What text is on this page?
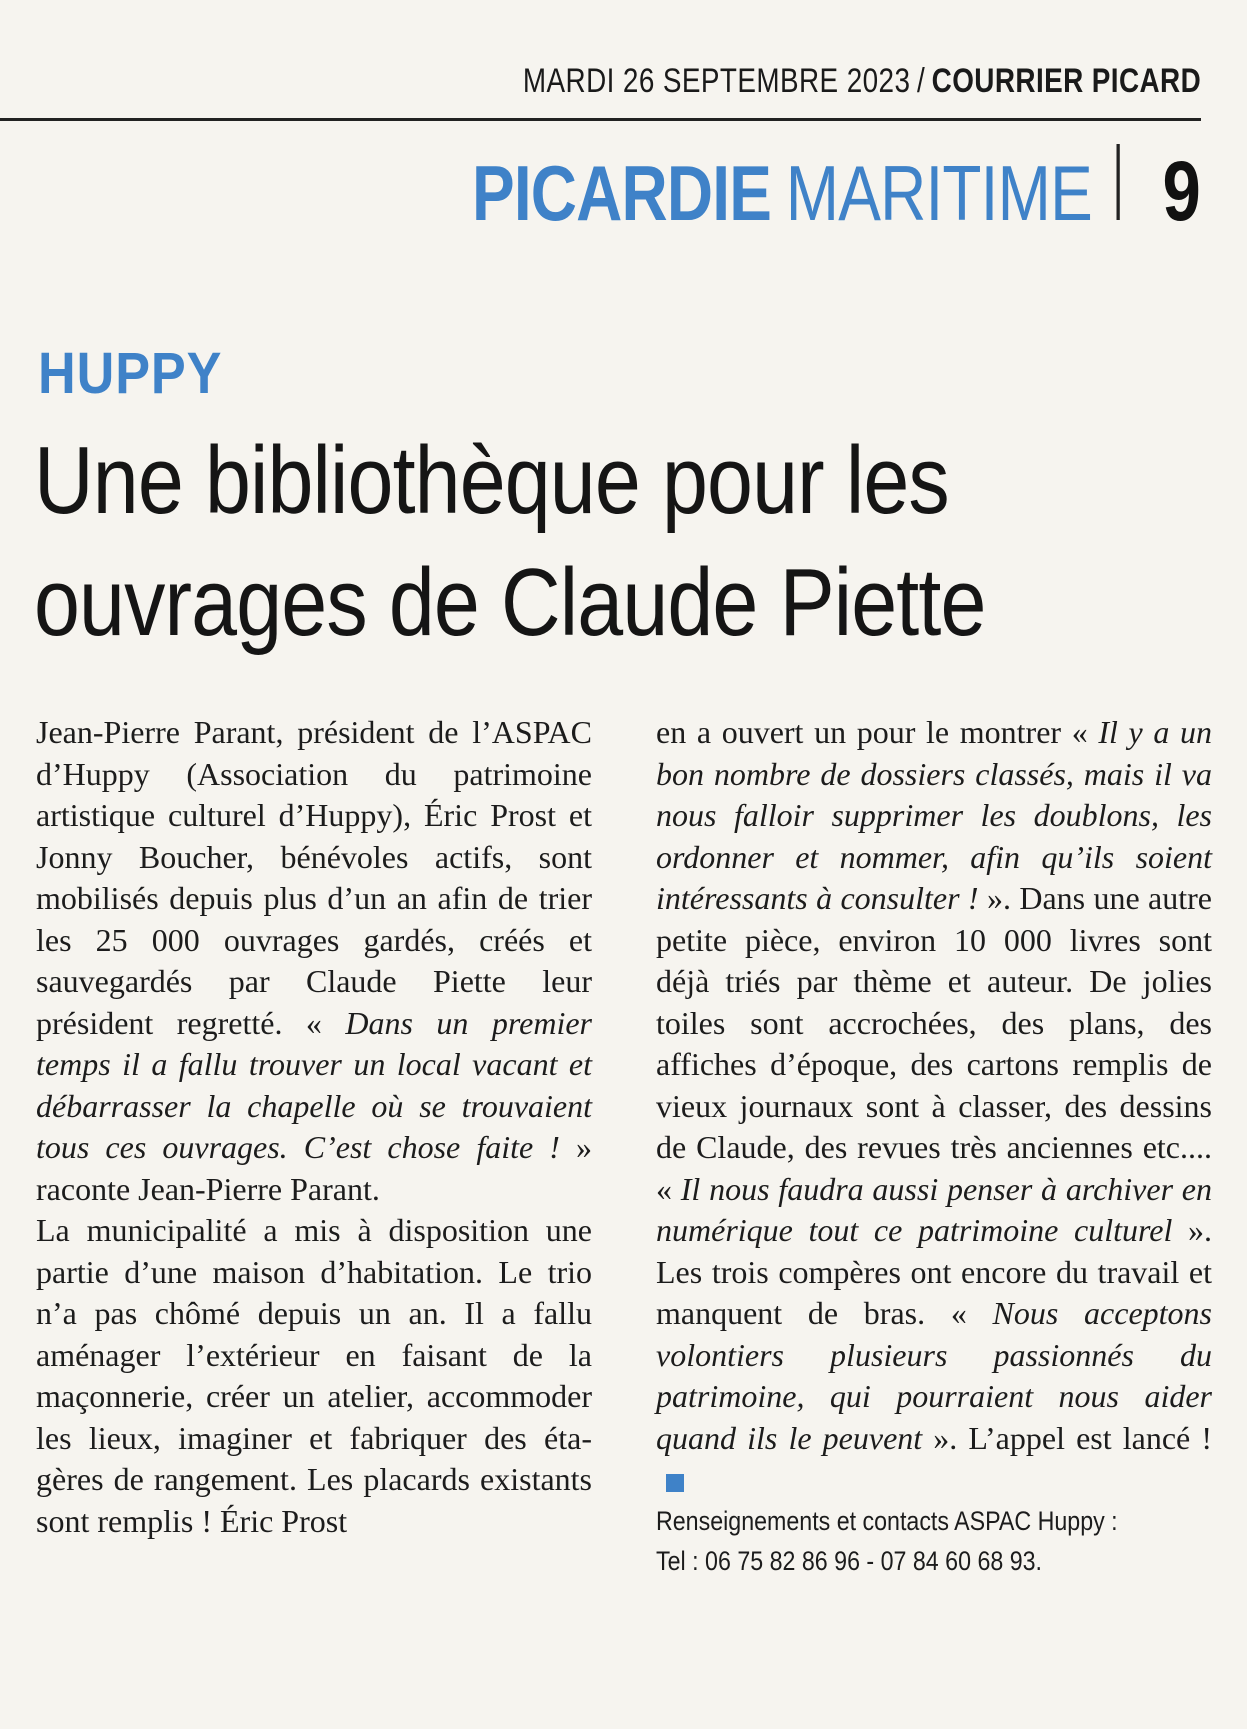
MARDI 26 SEPTEMBRE 2023 / COURRIER PICARD
PICARDIE MARITIME 9
HUPPY
Une bibliothèque pour les
ouvrages de Claude Piette

Jean-Pierre Parant, président de l’ASPAC d’Huppy (Association du patrimoine artistique culturel d’Huppy), Éric Prost et Jonny Boucher, bénévoles actifs, sont mobilisés depuis plus d’un an afin de trier les 25 000 ouvrages gardés, créés et sauvegardés par Claude Piette leur président regretté. « Dans un premier temps il a fallu trouver un local vacant et débarrasser la chapelle où se trouvaient tous ces ouvrages. C’est chose faite ! » raconte Jean-Pierre Parant.

La municipalité a mis à disposition une partie d’une maison d’habitation. Le trio n’a pas chômé depuis un an. Il a fallu aménager l’extérieur en faisant de la maçonnerie, créer un atelier, accommoder les lieux, imaginer et fabriquer des étagères de rangement. Les placards existants sont remplis ! Éric Prost

en a ouvert un pour le montrer « Il y a un bon nombre de dossiers classés, mais il va nous falloir supprimer les doublons, les ordonner et nommer, afin qu’ils soient intéressants à consulter ! ». Dans une autre petite pièce, environ 10 000 livres sont déjà triés par thème et auteur. De jolies toiles sont accrochées, des plans, des affiches d’époque, des cartons remplis de vieux journaux sont à classer, des dessins de Claude, des revues très anciennes etc.... « Il nous faudra aussi penser à archiver en numérique tout ce patrimoine culturel ». Les trois compères ont encore du travail et manquent de bras. « Nous acceptons volontiers plusieurs passionnés du patrimoine, qui pourraient nous aider quand ils le peuvent ». L’appel est lancé !

Renseignements et contacts ASPAC Huppy :
Tel : 06 75 82 86 96 - 07 84 60 68 93.
